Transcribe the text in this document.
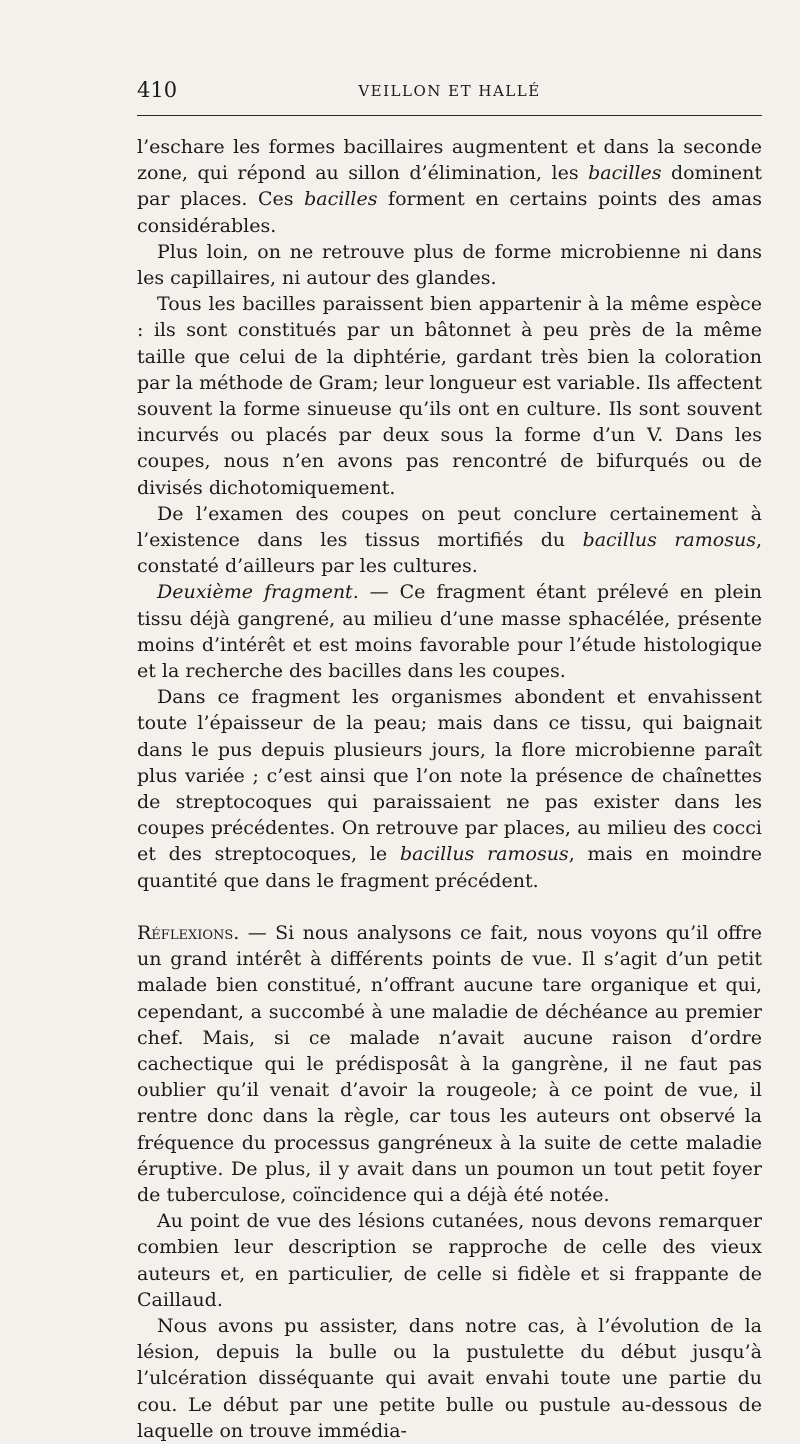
410	VEILLON ET HALLÉ

l’eschare les formes bacillaires augmentent et dans la seconde zone, qui répond au sillon d’élimination, les bacilles dominent par places. Ces bacilles forment en certains points des amas considérables.

Plus loin, on ne retrouve plus de forme microbienne ni dans les capillaires, ni autour des glandes.

Tous les bacilles paraissent bien appartenir à la même espèce : ils sont constitués par un bâtonnet à peu près de la même taille que celui de la diphtérie, gardant très bien la coloration par la méthode de Gram; leur longueur est variable. Ils affectent souvent la forme sinueuse qu’ils ont en culture. Ils sont souvent incurvés ou placés par deux sous la forme d’un V. Dans les coupes, nous n’en avons pas rencontré de bifurqués ou de divisés dichotomiquement.

De l’examen des coupes on peut conclure certainement à l’existence dans les tissus mortifiés du bacillus ramosus, constaté d’ailleurs par les cultures.

Deuxième fragment. — Ce fragment étant prélevé en plein tissu déjà gangrené, au milieu d’une masse sphacélée, présente moins d’intérêt et est moins favorable pour l’étude histologique et la recherche des bacilles dans les coupes.

Dans ce fragment les organismes abondent et envahissent toute l’épaisseur de la peau; mais dans ce tissu, qui baignait dans le pus depuis plusieurs jours, la flore microbienne paraît plus variée ; c’est ainsi que l’on note la présence de chaînettes de streptocoques qui paraissaient ne pas exister dans les coupes précédentes. On retrouve par places, au milieu des cocci et des streptocoques, le bacillus ramosus, mais en moindre quantité que dans le fragment précédent.

Réflexions. — Si nous analysons ce fait, nous voyons qu’il offre un grand intérêt à différents points de vue. Il s’agit d’un petit malade bien constitué, n’offrant aucune tare organique et qui, cependant, a succombé à une maladie de déchéance au premier chef. Mais, si ce malade n’avait aucune raison d’ordre cachectique qui le prédisposât à la gangrène, il ne faut pas oublier qu’il venait d’avoir la rougeole; à ce point de vue, il rentre donc dans la règle, car tous les auteurs ont observé la fréquence du processus gangréneux à la suite de cette maladie éruptive. De plus, il y avait dans un poumon un tout petit foyer de tuberculose, coïncidence qui a déjà été notée.

Au point de vue des lésions cutanées, nous devons remarquer combien leur description se rapproche de celle des vieux auteurs et, en particulier, de celle si fidèle et si frappante de Caillaud.

Nous avons pu assister, dans notre cas, à l’évolution de la lésion, depuis la bulle ou la pustulette du début jusqu’à l’ulcération disséquante qui avait envahi toute une partie du cou. Le début par une petite bulle ou pustule au-dessous de laquelle on trouve immédia-
